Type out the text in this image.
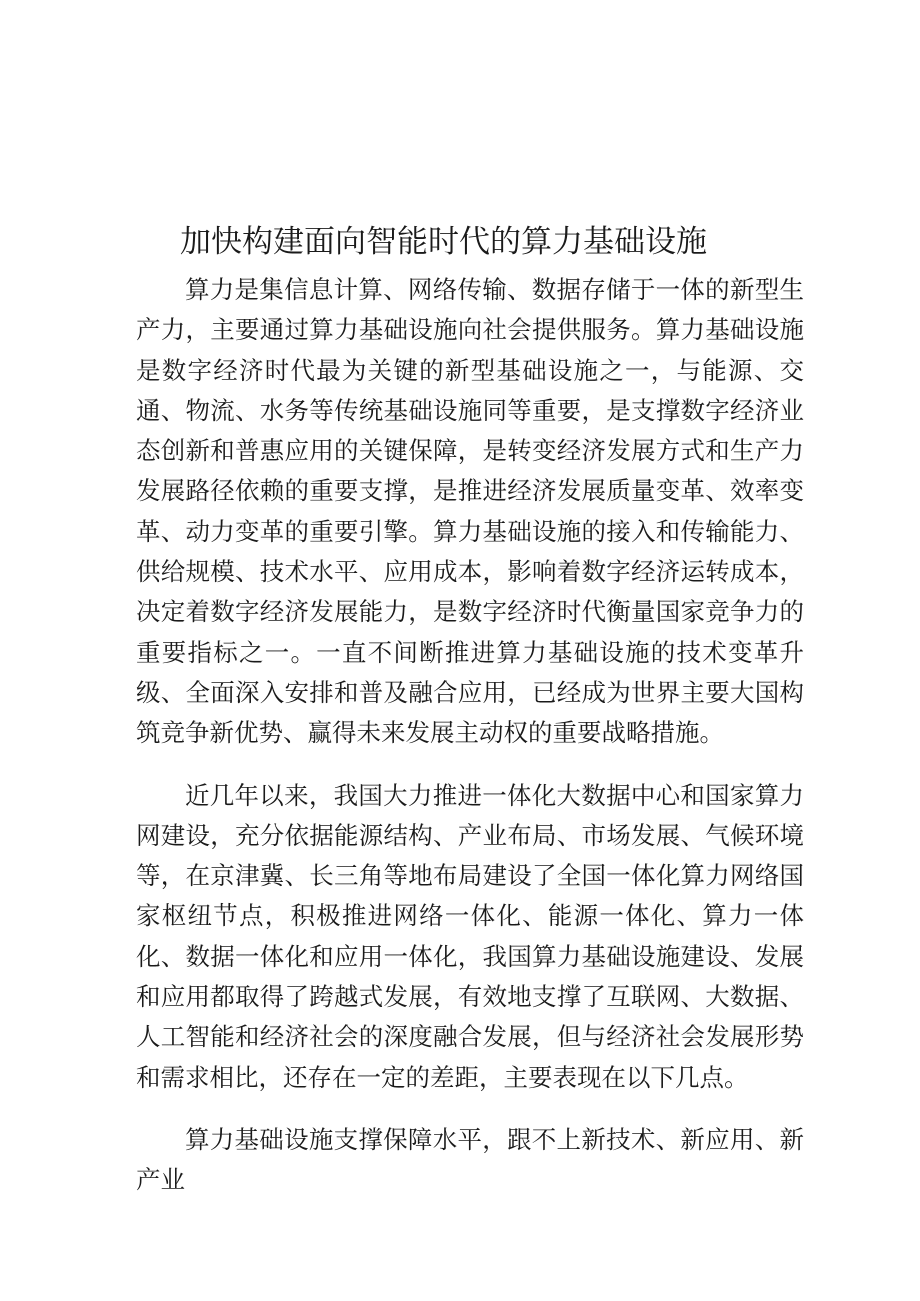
加快构建面向智能时代的算力基础设施

算力是集信息计算、网络传输、数据存储于一体的新型生产力，主要通过算力基础设施向社会提供服务。算力基础设施是数字经济时代最为关键的新型基础设施之一，与能源、交通、物流、水务等传统基础设施同等重要，是支撑数字经济业态创新和普惠应用的关键保障，是转变经济发展方式和生产力发展路径依赖的重要支撑，是推进经济发展质量变革、效率变革、动力变革的重要引擎。算力基础设施的接入和传输能力、供给规模、技术水平、应用成本，影响着数字经济运转成本，决定着数字经济发展能力，是数字经济时代衡量国家竞争力的重要指标之一。一直不间断推进算力基础设施的技术变革升级、全面深入安排和普及融合应用，已经成为世界主要大国构筑竞争新优势、赢得未来发展主动权的重要战略措施。

近几年以来，我国大力推进一体化大数据中心和国家算力网建设，充分依据能源结构、产业布局、市场发展、气候环境等，在京津冀、长三角等地布局建设了全国一体化算力网络国家枢纽节点，积极推进网络一体化、能源一体化、算力一体化、数据一体化和应用一体化，我国算力基础设施建设、发展和应用都取得了跨越式发展，有效地支撑了互联网、大数据、人工智能和经济社会的深度融合发展，但与经济社会发展形势和需求相比，还存在一定的差距，主要表现在以下几点。

算力基础设施支撑保障水平，跟不上新技术、新应用、新产业
